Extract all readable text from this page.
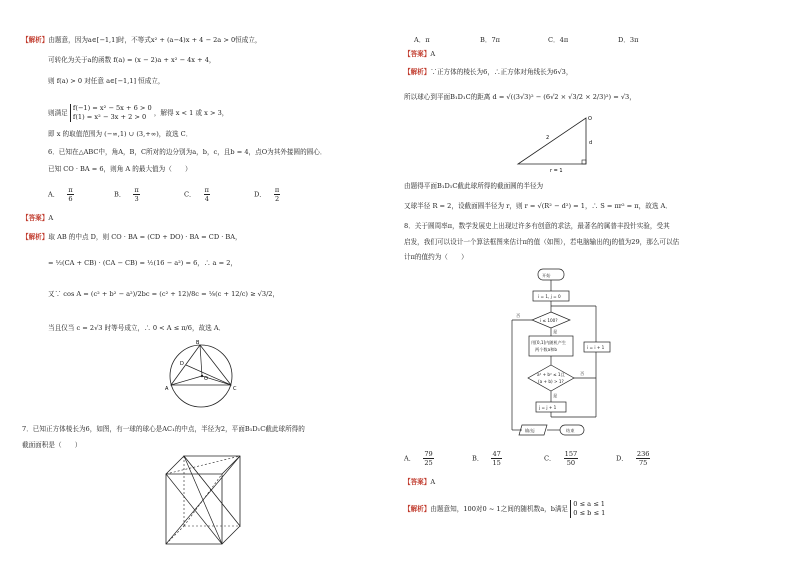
【解析】由题意，因为a∈[−1,1]时，不等式x² + (a−4)x + 4 − 2a > 0恒成立，
可转化为关于a的函数 f(a) = (x − 2)a + x² − 4x + 4，
则 f(a) > 0 对任意 a∈[−1,1] 恒成立，
则满足
f(−1) = x² − 5x + 6 > 0
f(1) = x² − 3x + 2 > 0	，解得 x < 1 或 x > 3，
即 x 的取值范围为 (−∞,1) ∪ (3,+∞)，故选 C．
6．已知在△ABC中，角A，B，C所对的边分别为a，b，c，且b = 4，点O为其外接圆的圆心．
已知 CO · BA = 6，则角 A 的最大值为（　　）
A． $\frac{\pi}{6}$	B． $\frac{\pi}{3}$	C． $\frac{\pi}{4}$	D． $\frac{\pi}{2}$
【答案】A
【解析】取 AB 的中点 D，则 CO · BA = (CD + DO) · BA = CD · BA，
= ½(CA + CB) · (CA − CB) = ½(16 − a²) = 6，∴ a = 2，
又∵ cos A = (c² + b² − a²)/2bc = (c² + 12)/8c = ⅛(c + 12/c) ≥ √3/2，
当且仅当 c = 2√3 时等号成立，∴ 0 < A ≤ π/6，故选 A．
A
B
C
O
D
7．已知正方体棱长为6，如图，有一球的球心是AC₁的中点，半径为2，平面B₁D₁C截此球所得的
截面面积是（　　）
A．π	B．7π	C．4π	D．3π
【答案】A
【解析】∵正方体的棱长为6，∴正方体对角线长为6√3，
所以球心到平面B₁D₁C的距离 d = √((3√3)² − (6√2 × √3/2 × 2/3)²) = √3，
O
2
d
r = 1
由题得平面B₁D₁C截此球所得的截面圆的半径为
又球半径 R = 2，设截面圆半径为 r，则 r = √(R² − d²) = 1，∴ S = πr² = π，故选 A．
8．关于圆周率π，数学发展史上出现过许多有创意的求法，最著名的属普丰投针实验，受其
启发，我们可以设计一个算法框图来估计π的值（如图），若电脑输出的j的值为29，那么可以估
计π的值约为（　　）
开始
i = 1, j = 0
i ≤ 100?
用[0,1]内随机产生
两个数a和b
a² + b² ≤ 1且
(a + b) > 1?
是
是
否
否
j = j + 1
i = i + 1
输出j	结束
A． $\frac{79}{25}$	B． $\frac{47}{15}$	C． $\frac{157}{50}$	D． $\frac{236}{75}$
【答案】A
【解析】由题意知，100对0 ~ 1之间的随机数a，b满足
0 ≤ a ≤ 1
0 ≤ b ≤ 1
